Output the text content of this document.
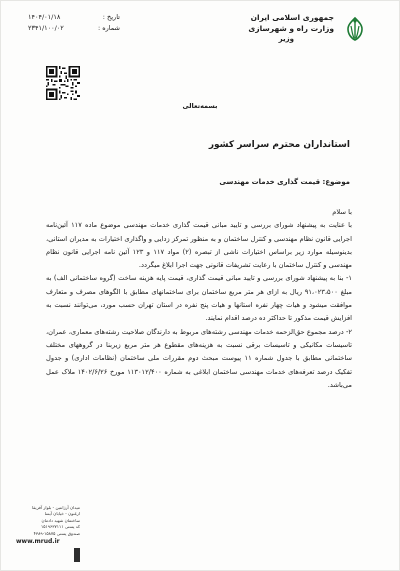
جمهوری اسلامی ایران
وزارت راه و شهرسازی
وزیر
تاریخ :
۱۴۰۴/۰۱/۱۸
شماره :
۲۳۴۱/۱۰۰/۰۲
بسمه‌تعالی
استانداران محترم سراسر کشور
موضوع: قیمت گذاری خدمات مهندسی

با سلام

با عنایت به پیشنهاد شورای بررسی و تایید مبانی قیمت گذاری خدمات مهندسی موضوع ماده ۱۱۷ آئین‌نامه اجرایی قانون نظام مهندسی و کنترل ساختمان و به منظور تمرکز زدایی و واگذاری اختیارات به مدیران استانی، بدینوسیله موارد زیر براساس اختیارات ناشی از تبصره (۲) مواد ۱۱۷ و ۱۲۳ آئین نامه اجرایی قانون نظام مهندسی و کنترل ساختمان با رعایت تشریفات قانونی جهت اجرا ابلاغ میگردد.

۱- بنا به پیشنهاد شورای بررسی و تایید مبانی قیمت گذاری، قیمت پایه هزینه ساخت (گروه ساختمانی الف) به مبلغ ۹۱،۰۲۳،۵۰۰ ریال به ازای هر متر مربع ساختمان برای ساختمانهای مطابق با الگوهای مصرف و متعارف موافقت میشود و هیات چهار نفره استانها و هیات پنج نفره در استان تهران حسب مورد، می‌توانند نسبت به افزایش قیمت مذکور تا حداکثر ده درصد اقدام نمایند.

۲- درصد مجموع حق‌الزحمه خدمات مهندسی رشته‌های مربوط به دارندگان صلاحیت رشته‌های معماری، عمران، تاسیسات مکانیکی و تاسیسات برقی نسبت به هزینه‌های مقطوع هر متر مربع زیربنا در گروههای مختلف ساختمانی مطابق با جدول شماره ۱۱ پیوست مبحث دوم مقررات ملی ساختمان (نظامات اداری) و جدول تفکیک درصد تعرفه‌های خدمات مهندسی ساختمان ابلاغی به شماره ۱۱۳۰۱۲/۴۰۰ مورخ ۱۴۰۲/۶/۲۶ ملاک عمل می‌باشد.

میدان آرژانتین - بلوار آفریقا
ارغنون - خیابان آیسا
ساختمان شهید دادمان
کد پستی ۱۵۱۹۶۳۷۱۱۱
صندوق پستی ۱۵۸۷۵-۴۳۸۹
www.mrud.ir
